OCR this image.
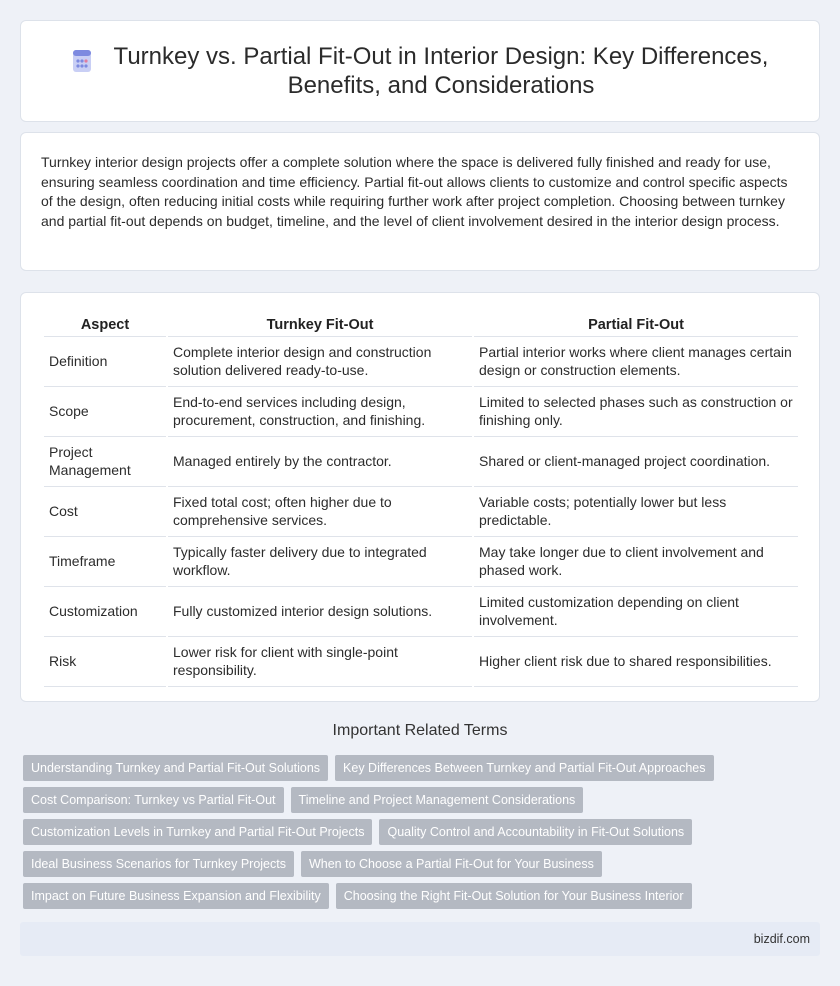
Turnkey vs. Partial Fit-Out in Interior Design: Key Differences, Benefits, and Considerations

Turnkey interior design projects offer a complete solution where the space is delivered fully finished and ready for use, ensuring seamless coordination and time efficiency. Partial fit-out allows clients to customize and control specific aspects of the design, often reducing initial costs while requiring further work after project completion. Choosing between turnkey and partial fit-out depends on budget, timeline, and the level of client involvement desired in the interior design process.

Aspect	Turnkey Fit-Out	Partial Fit-Out
Definition	Complete interior design and construction solution delivered ready-to-use.	Partial interior works where client manages certain design or construction elements.
Scope	End-to-end services including design, procurement, construction, and finishing.	Limited to selected phases such as construction or finishing only.
Project Management	Managed entirely by the contractor.	Shared or client-managed project coordination.
Cost	Fixed total cost; often higher due to comprehensive services.	Variable costs; potentially lower but less predictable.
Timeframe	Typically faster delivery due to integrated workflow.	May take longer due to client involvement and phased work.
Customization	Fully customized interior design solutions.	Limited customization depending on client involvement.
Risk	Lower risk for client with single-point responsibility.	Higher client risk due to shared responsibilities.
Important Related Terms
Understanding Turnkey and Partial Fit-Out Solutions	Key Differences Between Turnkey and Partial Fit-Out Approaches
Cost Comparison: Turnkey vs Partial Fit-Out	Timeline and Project Management Considerations
Customization Levels in Turnkey and Partial Fit-Out Projects	Quality Control and Accountability in Fit-Out Solutions
Ideal Business Scenarios for Turnkey Projects	When to Choose a Partial Fit-Out for Your Business
Impact on Future Business Expansion and Flexibility	Choosing the Right Fit-Out Solution for Your Business Interior
bizdif.com
